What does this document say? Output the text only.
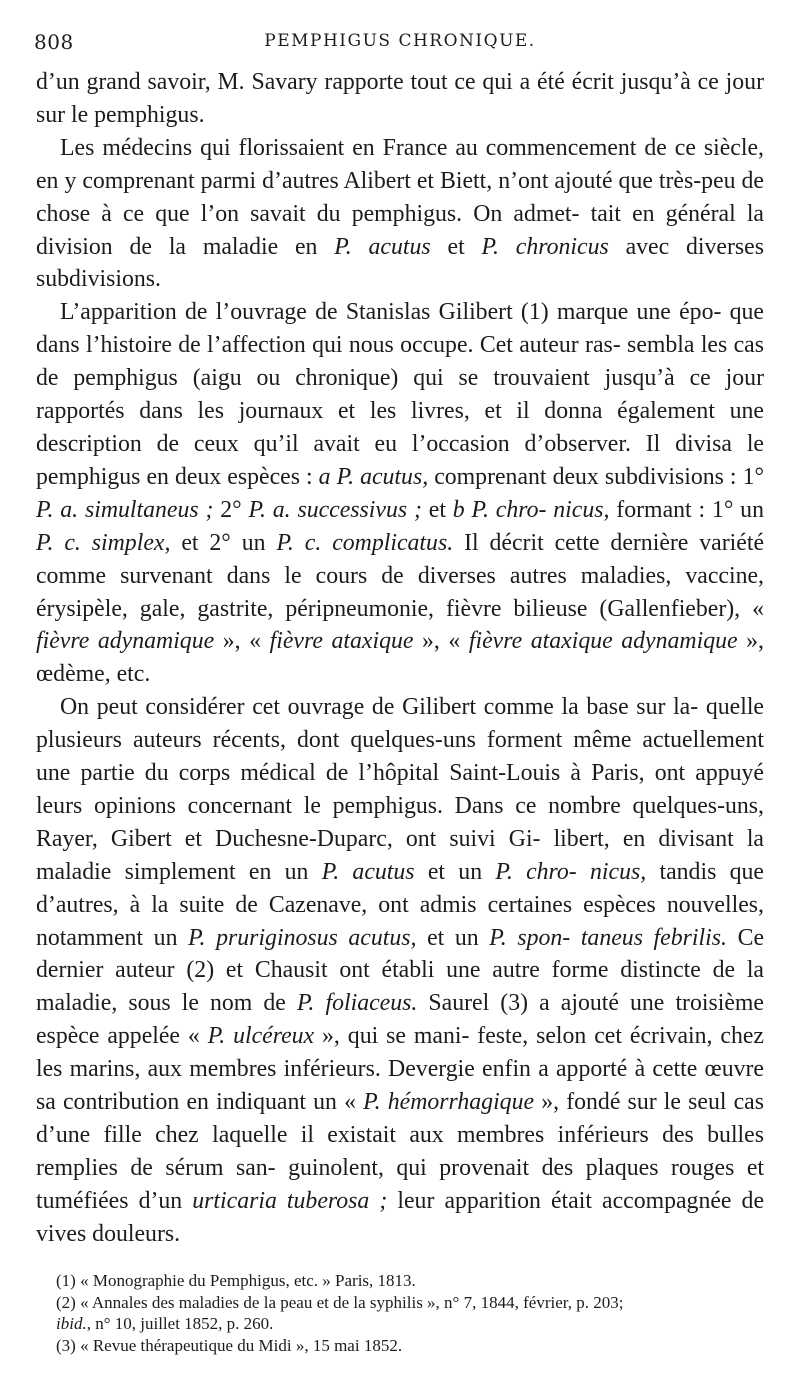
808	PEMPHIGUS CHRONIQUE.

d’un grand savoir, M. Savary rapporte tout ce qui a été écrit jusqu’à ce jour sur le pemphigus.

Les médecins qui florissaient en France au commencement de ce siècle, en y comprenant parmi d’autres Alibert et Biett, n’ont ajouté que très-peu de chose à ce que l’on savait du pemphigus. On admet- tait en général la division de la maladie en P. acutus et P. chronicus avec diverses subdivisions.

L’apparition de l’ouvrage de Stanislas Gilibert (1) marque une épo- que dans l’histoire de l’affection qui nous occupe. Cet auteur ras- sembla les cas de pemphigus (aigu ou chronique) qui se trouvaient jusqu’à ce jour rapportés dans les journaux et les livres, et il donna également une description de ceux qu’il avait eu l’occasion d’observer. Il divisa le pemphigus en deux espèces : a P. acutus, comprenant deux subdivisions : 1° P. a. simultaneus ; 2° P. a. successivus ; et b P. chro- nicus, formant : 1° un P. c. simplex, et 2° un P. c. complicatus. Il décrit cette dernière variété comme survenant dans le cours de diverses autres maladies, vaccine, érysipèle, gale, gastrite, péripneumonie, fièvre bilieuse (Gallenfieber), « fièvre adynamique », « fièvre ataxique », « fièvre ataxique adynamique », œdème, etc.

On peut considérer cet ouvrage de Gilibert comme la base sur la- quelle plusieurs auteurs récents, dont quelques-uns forment même actuellement une partie du corps médical de l’hôpital Saint-Louis à Paris, ont appuyé leurs opinions concernant le pemphigus. Dans ce nombre quelques-uns, Rayer, Gibert et Duchesne-Duparc, ont suivi Gi- libert, en divisant la maladie simplement en un P. acutus et un P. chro- nicus, tandis que d’autres, à la suite de Cazenave, ont admis certaines espèces nouvelles, notamment un P. pruriginosus acutus, et un P. spon- taneus febrilis. Ce dernier auteur (2) et Chausit ont établi une autre forme distincte de la maladie, sous le nom de P. foliaceus. Saurel (3) a ajouté une troisième espèce appelée « P. ulcéreux », qui se mani- feste, selon cet écrivain, chez les marins, aux membres inférieurs. Devergie enfin a apporté à cette œuvre sa contribution en indiquant un « P. hémorrhagique », fondé sur le seul cas d’une fille chez laquelle il existait aux membres inférieurs des bulles remplies de sérum san- guinolent, qui provenait des plaques rouges et tuméfiées d’un urticaria tuberosa ; leur apparition était accompagnée de vives douleurs.

(1) « Monographie du Pemphigus, etc. » Paris, 1813.

(2) « Annales des maladies de la peau et de la syphilis », n° 7, 1844, février, p. 203;
ibid., n° 10, juillet 1852, p. 260.

(3) « Revue thérapeutique du Midi », 15 mai 1852.
